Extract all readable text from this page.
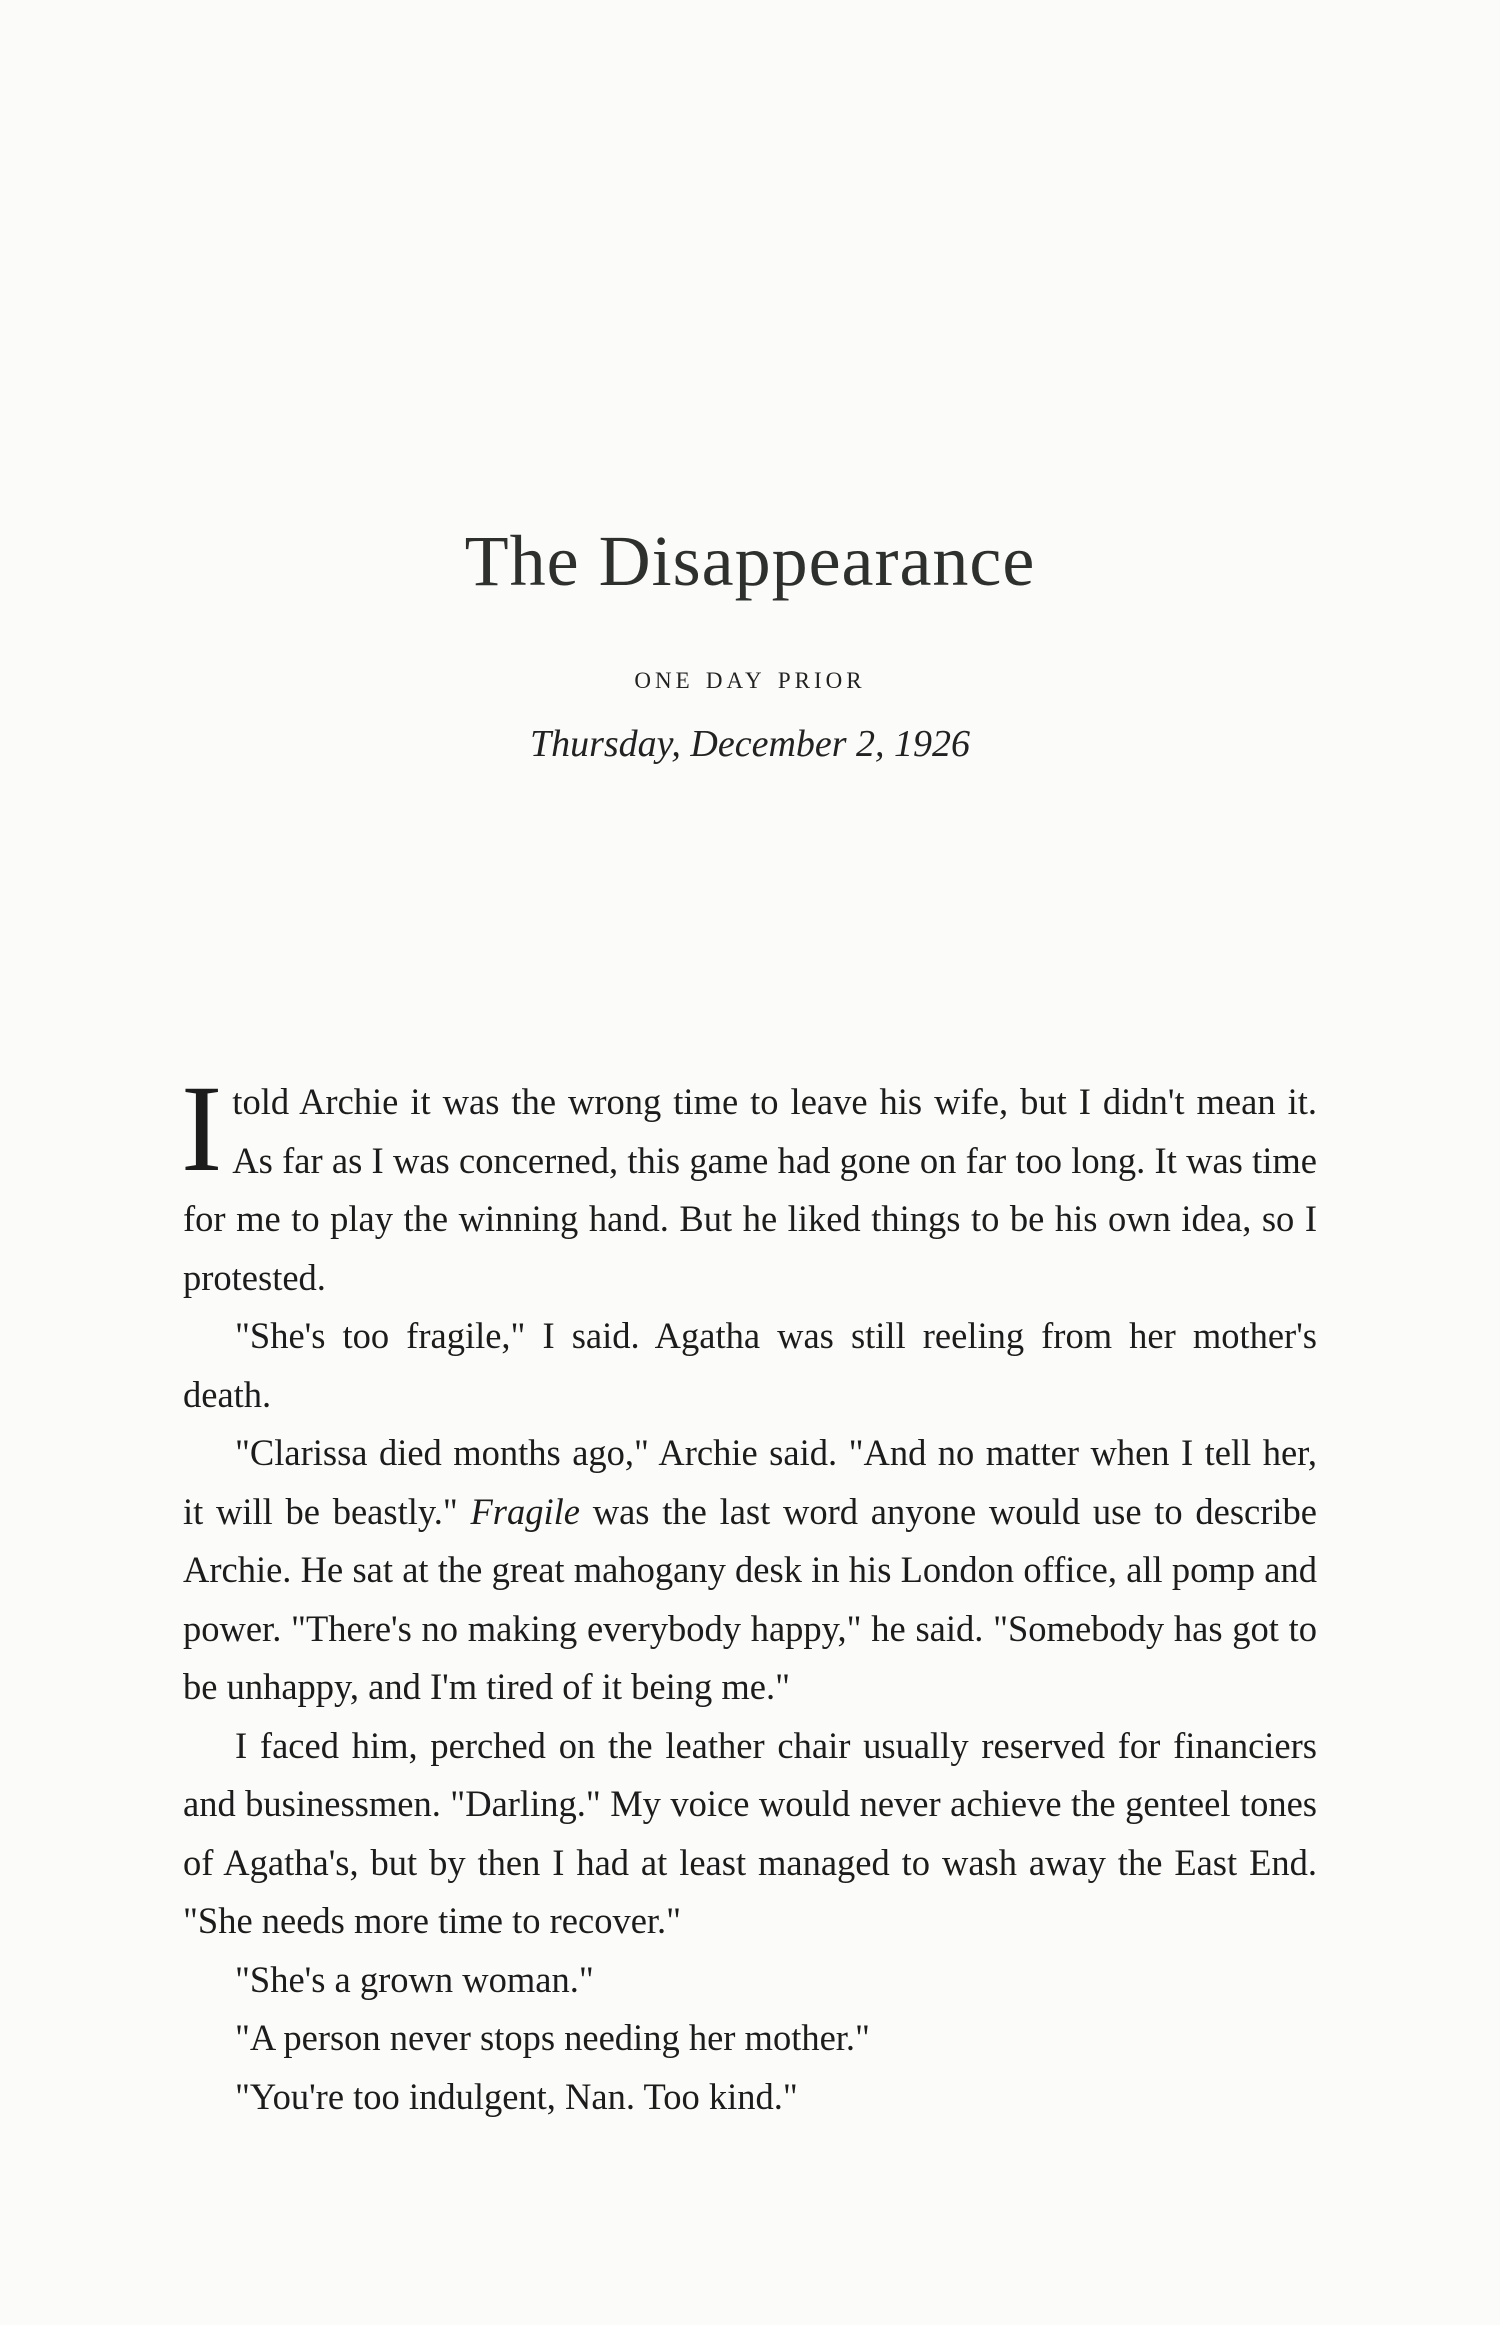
The Disappearance
one day prior
Thursday, December 2, 1926

Itold Archie it was the wrong time to leave his wife, but I didn't mean it. As far as I was concerned, this game had gone on far too long. It was time for me to play the winning hand. But he liked things to be his own idea, so I protested.

"She's too fragile," I said. Agatha was still reeling from her mother's death.

"Clarissa died months ago," Archie said. "And no matter when I tell her, it will be beastly." Fragile was the last word anyone would use to describe Archie. He sat at the great mahogany desk in his London office, all pomp and power. "There's no making everybody happy," he said. "Somebody has got to be unhappy, and I'm tired of it being me."

I faced him, perched on the leather chair usually reserved for financiers and businessmen. "Darling." My voice would never achieve the genteel tones of Agatha's, but by then I had at least managed to wash away the East End. "She needs more time to recover."

"She's a grown woman."

"A person never stops needing her mother."

"You're too indulgent, Nan. Too kind."
